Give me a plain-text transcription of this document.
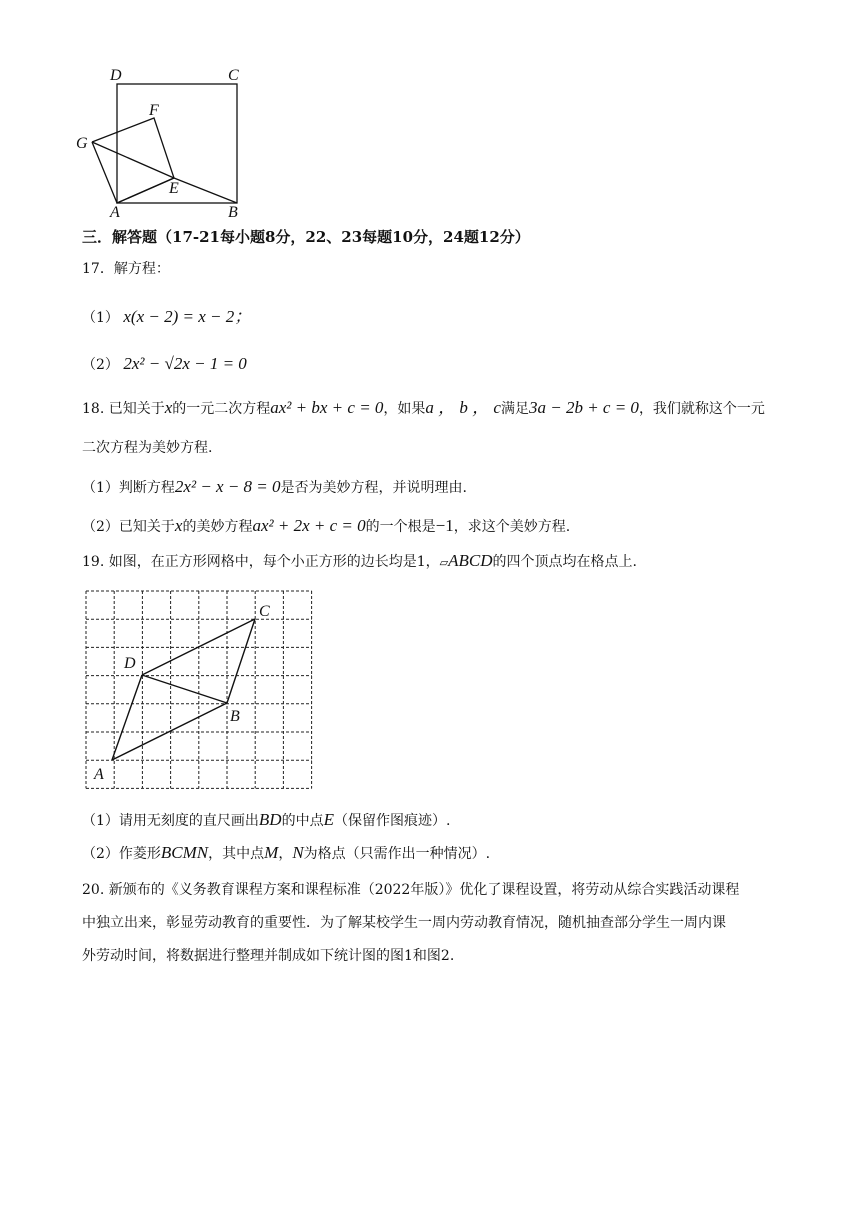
D	C
F
G
E
A	B
三．解答题（17-21每小题8分，22、23每题10分，24题12分）
17．解方程：
（1） x(x − 2) = x − 2；
（2） 2x² − √2x − 1 = 0
18. 已知关于x的一元二次方程ax² + bx + c = 0，如果a ， b ， c满足3a − 2b + c = 0，我们就称这个一元
二次方程为美妙方程.
（1）判断方程2x² − x − 8 = 0是否为美妙方程，并说明理由.
（2）已知关于x的美妙方程ax² + 2x + c = 0的一个根是−1，求这个美妙方程.
19. 如图，在正方形网格中，每个小正方形的边长均是1，▱ABCD的四个顶点均在格点上.
C
D
B
A
（1）请用无刻度的直尺画出BD的中点E（保留作图痕迹）.
（2）作菱形BCMN，其中点M，N为格点（只需作出一种情况）.
20. 新颁布的《义务教育课程方案和课程标准（2022年版）》优化了课程设置，将劳动从综合实践活动课程
中独立出来，彰显劳动教育的重要性．为了解某校学生一周内劳动教育情况，随机抽查部分学生一周内课
外劳动时间，将数据进行整理并制成如下统计图的图1和图2.
